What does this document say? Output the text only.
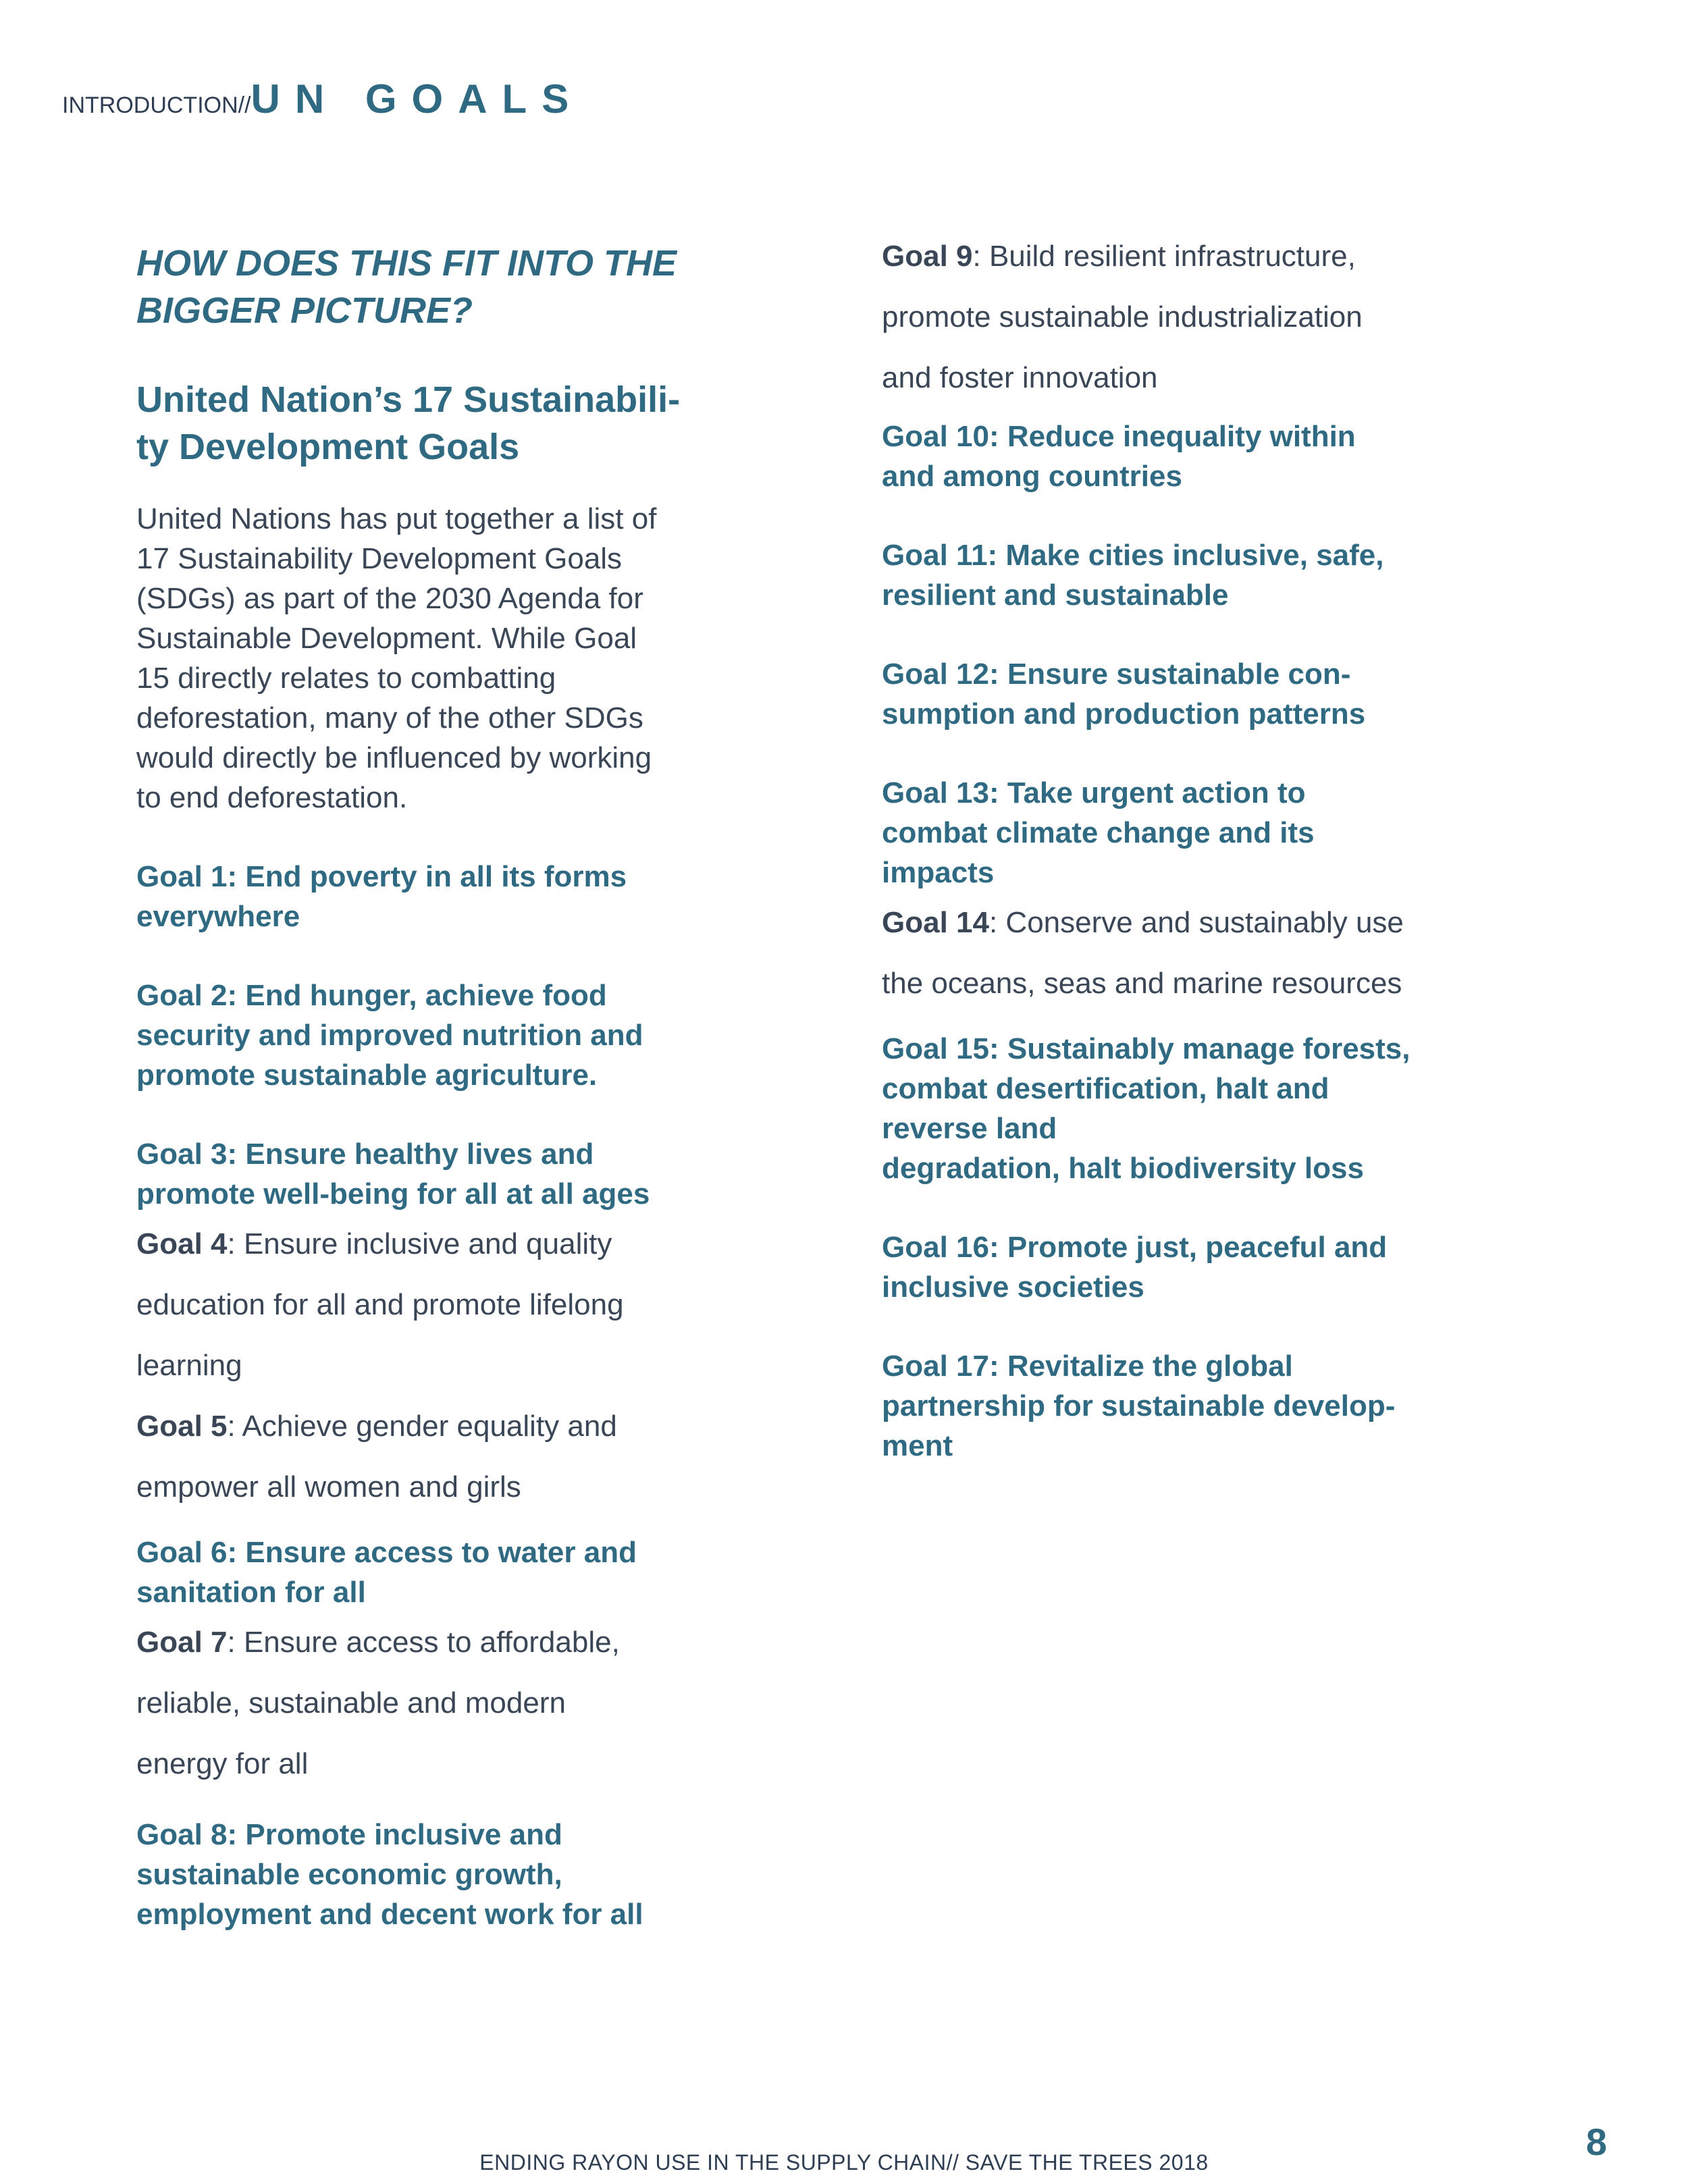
INTRODUCTION//UN GOALS
HOW DOES THIS FIT INTO THE
BIGGER PICTURE?
United Nation’s 17 Sustainabili-
ty Development Goals

United Nations has put together a list of
17 Sustainability Development Goals
(SDGs) as part of the 2030 Agenda for
Sustainable Development. While Goal
15 directly relates to combatting
deforestation, many of the other SDGs
would directly be influenced by working
to end deforestation.

Goal 1: End poverty in all its forms
everywhere
Goal 2: End hunger, achieve food
security and improved nutrition and
promote sustainable agriculture.
Goal 3: Ensure healthy lives and
promote well-being for all at all ages
Goal 4: Ensure inclusive and quality
education for all and promote lifelong
learning
Goal 5: Achieve gender equality and
empower all women and girls
Goal 6: Ensure access to water and
sanitation for all
Goal 7: Ensure access to affordable,
reliable, sustainable and modern
energy for all
Goal 8: Promote inclusive and
sustainable economic growth,
employment and decent work for all
Goal 9: Build resilient infrastructure,
promote sustainable industrialization
and foster innovation
Goal 10: Reduce inequality within
and among countries
Goal 11: Make cities inclusive, safe,
resilient and sustainable
Goal 12: Ensure sustainable con-
sumption and production patterns
Goal 13: Take urgent action to
combat climate change and its
impacts
Goal 14: Conserve and sustainably use
the oceans, seas and marine resources
Goal 15: Sustainably manage forests,
combat desertification, halt and
reverse land
degradation, halt biodiversity loss
Goal 16: Promote just, peaceful and
inclusive societies
Goal 17: Revitalize the global
partnership for sustainable develop-
ment
ENDING RAYON USE IN THE SUPPLY CHAIN// SAVE THE TREES 2018	8
